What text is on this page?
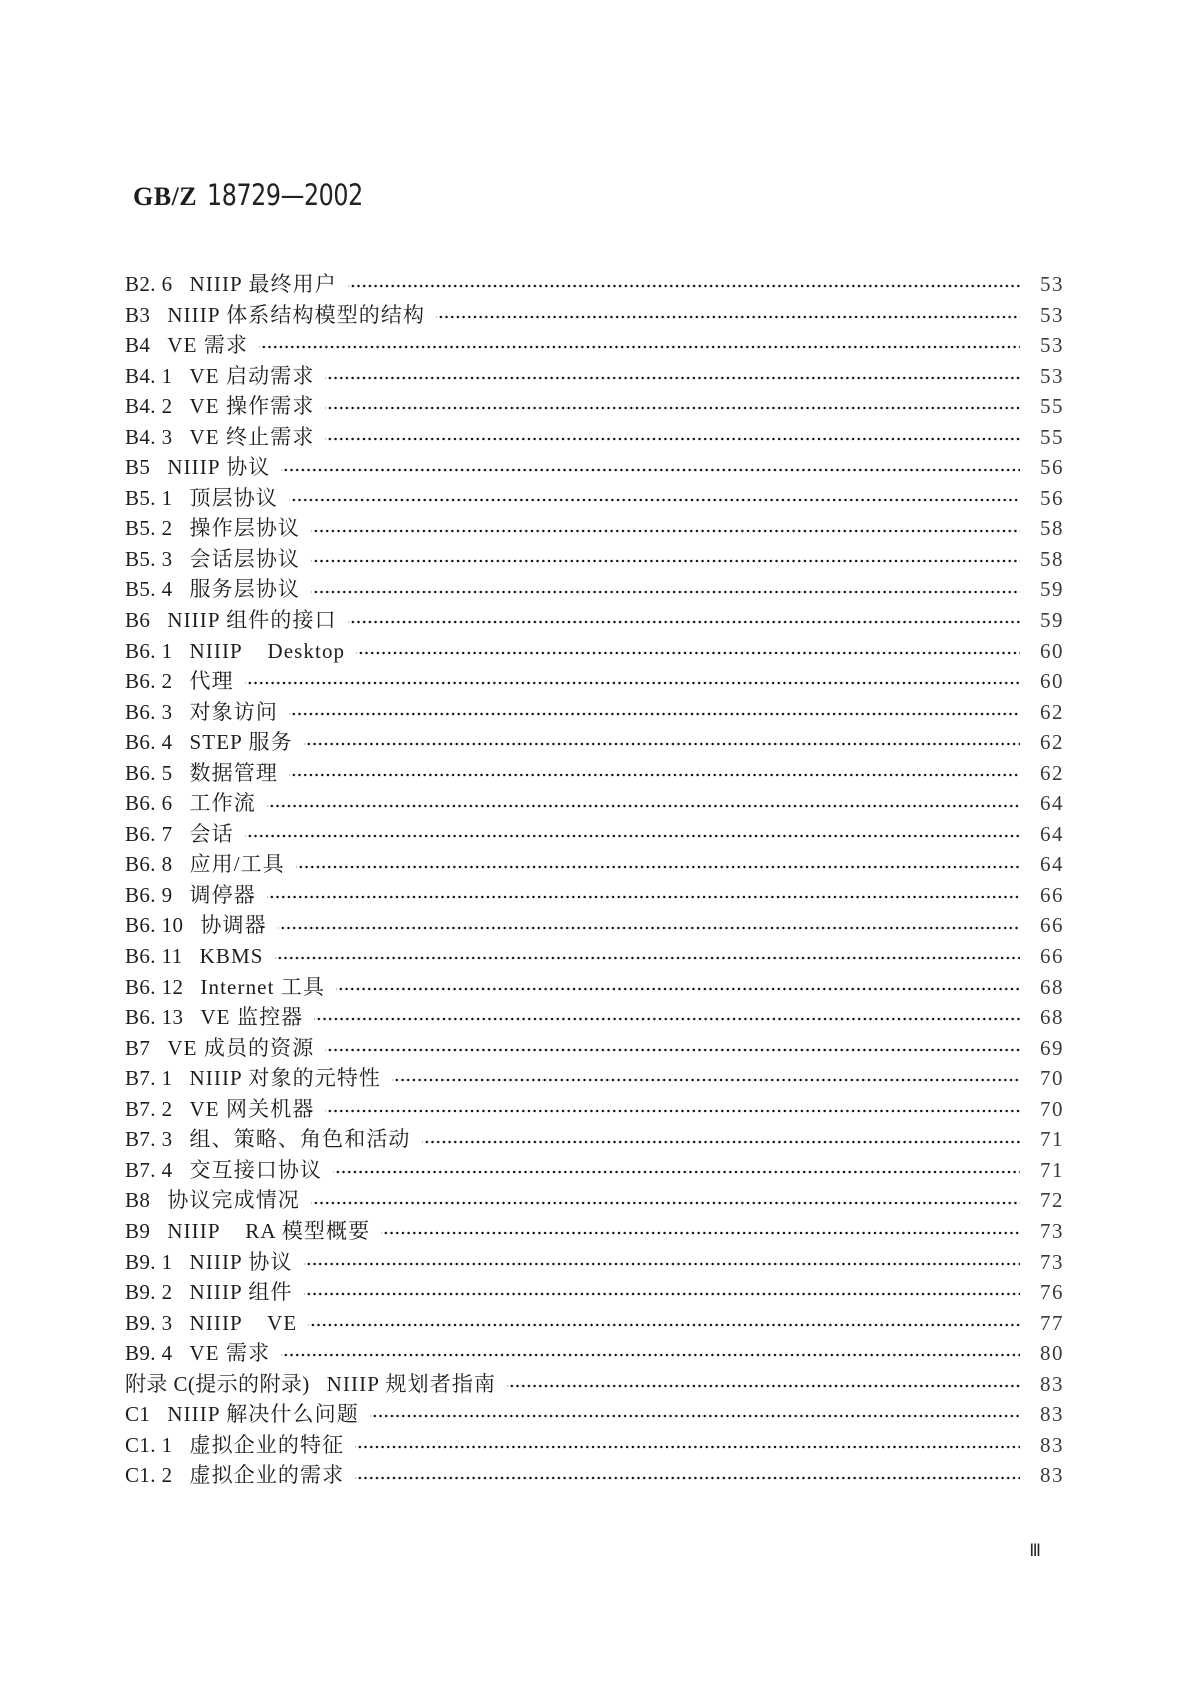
GB/Z 18729—2002
B2. 6 NIIIP 最终用户	53
B3 NIIIP 体系结构模型的结构	53
B4 VE 需求	53
B4. 1 VE 启动需求	53
B4. 2 VE 操作需求	55
B4. 3 VE 终止需求	55
B5 NIIIP 协议	56
B5. 1 顶层协议	56
B5. 2 操作层协议	58
B5. 3 会话层协议	58
B5. 4 服务层协议	59
B6 NIIIP 组件的接口	59
B6. 1 NIIIP    Desktop	60
B6. 2 代理	60
B6. 3 对象访问	62
B6. 4 STEP 服务	62
B6. 5 数据管理	62
B6. 6 工作流	64
B6. 7 会话	64
B6. 8 应用/工具	64
B6. 9 调停器	66
B6. 10 协调器	66
B6. 11 KBMS	66
B6. 12 Internet 工具	68
B6. 13 VE 监控器	68
B7 VE 成员的资源	69
B7. 1 NIIIP 对象的元特性	70
B7. 2 VE 网关机器	70
B7. 3 组、策略、角色和活动	71
B7. 4 交互接口协议	71
B8 协议完成情况	72
B9 NIIIP    RA 模型概要	73
B9. 1 NIIIP 协议	73
B9. 2 NIIIP 组件	76
B9. 3 NIIIP    VE	77
B9. 4 VE 需求	80
附录 C(提示的附录) NIIIP 规划者指南	83
C1 NIIIP 解决什么问题	83
C1. 1 虚拟企业的特征	83
C1. 2 虚拟企业的需求	83
Ⅲ
